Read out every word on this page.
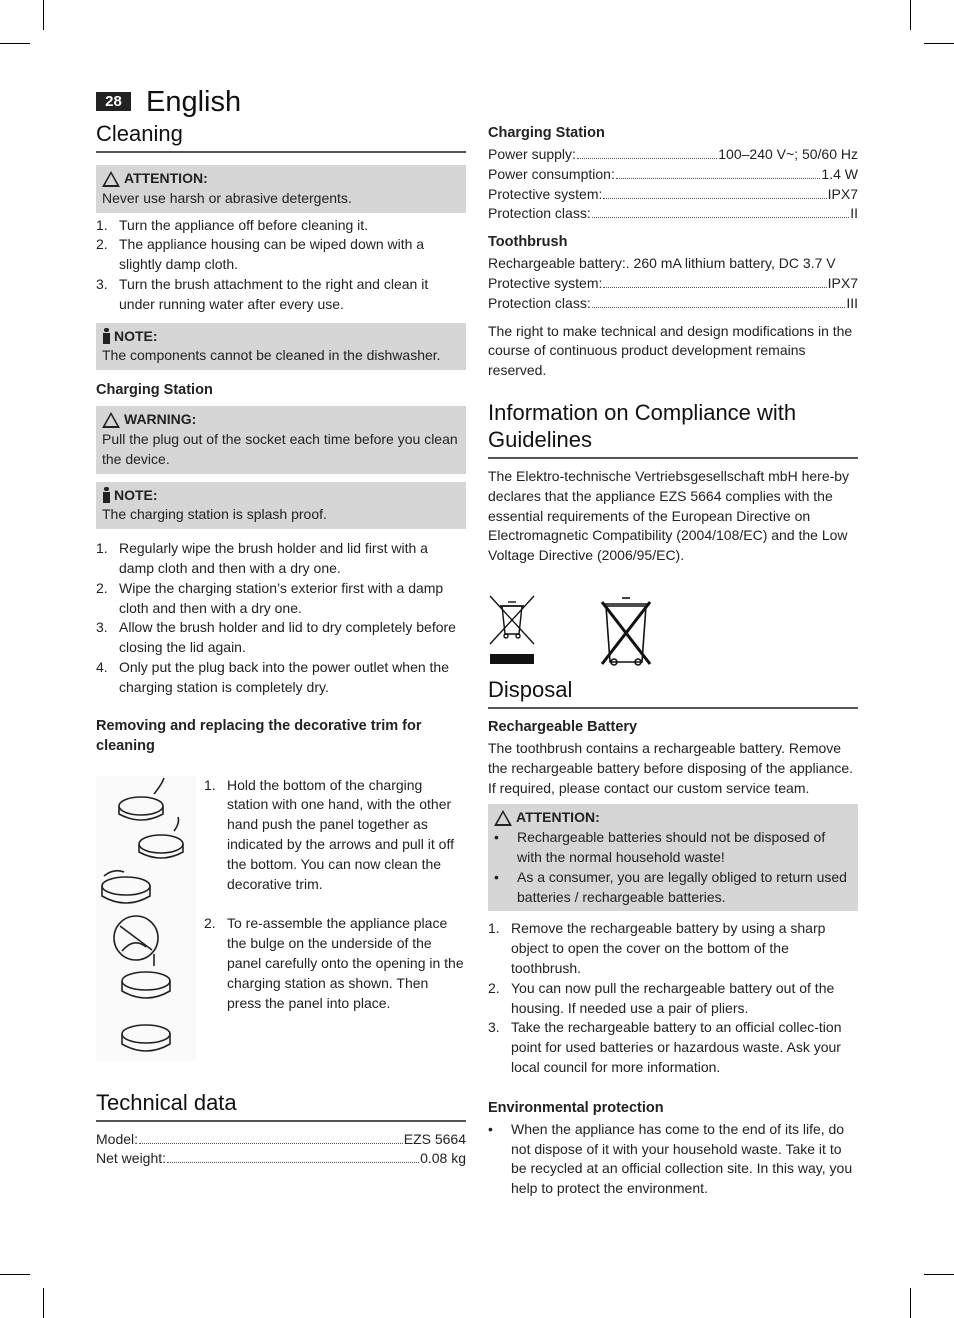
28 English
Cleaning
ATTENTION:

Never use harsh or abrasive detergents.

1. Turn the appliance off before cleaning it.
2. The appliance housing can be wiped down with a slightly damp cloth.
3. Turn the brush attachment to the right and clean it under running water after every use.
NOTE:

The components cannot be cleaned in the dishwasher.

Charging Station
WARNING:

Pull the plug out of the socket each time before you clean the device.

NOTE:

The charging station is splash proof.

1. Regularly wipe the brush holder and lid first with a damp cloth and then with a dry one.
2. Wipe the charging station’s exterior first with a damp cloth and then with a dry one.
3. Allow the brush holder and lid to dry completely before closing the lid again.
4. Only put the plug back into the power outlet when the charging station is completely dry.
Removing and replacing the decorative trim for cleaning
1. Hold the bottom of the charging station with one hand, with the other hand push the panel together as indicated by the arrows and pull it off the bottom. You can now clean the decorative trim.
2. To re-assemble the appliance place the bulge on the underside of the panel carefully onto the opening in the charging station as shown. Then press the panel into place.
Technical data
Model:	EZS 5664
Net weight:	0.08 kg
Charging Station
Power supply:	100–240 V~; 50/60 Hz
Power consumption:	1.4 W
Protective system:	IPX7
Protection class:	II
Toothbrush
Rechargeable battery: . 260 mA lithium battery, DC 3.7 V
Protective system:	IPX7
Protection class:	III

The right to make technical and design modifications in the course of continuous product development remains reserved.

Information on Compliance with Guidelines

The Elektro-technische Vertriebsgesellschaft mbH here-by declares that the appliance EZS 5664 complies with the essential requirements of the European Directive on Electromagnetic Compatibility (2004/108/EC) and the Low Voltage Directive (2006/95/EC).

Disposal
Rechargeable Battery

The toothbrush contains a rechargeable battery. Remove the rechargeable battery before disposing of the appliance. If required, please contact our custom service team.

ATTENTION:
•	Rechargeable batteries should not be disposed of with the normal household waste!
•	As a consumer, you are legally obliged to return used batteries / rechargeable batteries.
1. Remove the rechargeable battery by using a sharp object to open the cover on the bottom of the toothbrush.
2. You can now pull the rechargeable battery out of the housing. If needed use a pair of pliers.
3. Take the rechargeable battery to an official collec-tion point for used batteries or hazardous waste. Ask your local council for more information.
Environmental protection
•	When the appliance has come to the end of its life, do not dispose of it with your household waste. Take it to be recycled at an official collection site. In this way, you help to protect the environment.
